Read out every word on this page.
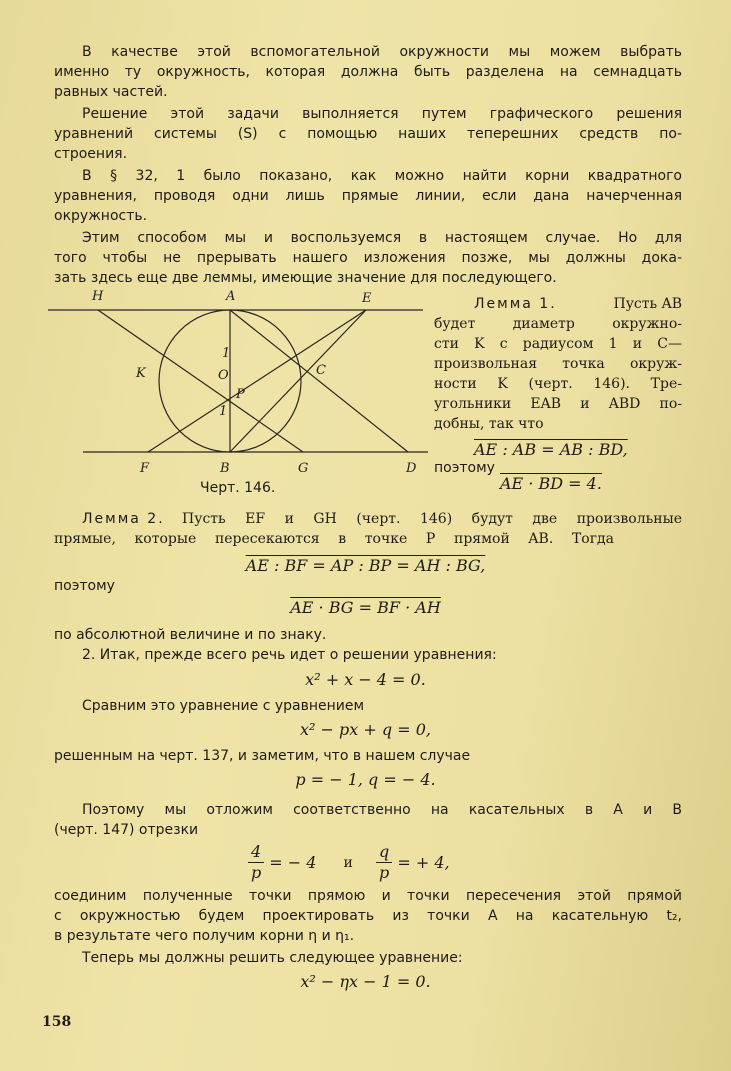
В качестве этой вспомогательной окружности мы можем выбрать

именно ту окружность, которая должна быть разделена на семнадцать

равных частей.

Решение этой задачи выполняется путем графического решения

уравнений системы (S) с помощью наших теперешних средств по-

строения.

В § 32, 1 было показано, как можно найти корни квадратного

уравнения, проводя одни лишь прямые линии, если дана начерченная

окружность.

Этим способом мы и воспользуемся в настоящем случае. Но для

того чтобы не прерывать нашего изложения позже, мы должны дока-

зать здесь еще две леммы, имеющие значение для последующего.

H	A	E
K	O
1
1
P
C
F	B	G	D

Черт. 146.

Лемма 1.	Пусть AB

будет диаметр окружно-

сти K с радиусом 1 и C—

произвольная точка окруж-

ности K (черт. 146). Тре-

угольники EAB и ABD по-

добны, так что

AE : AB = AB : BD,

поэтому

AE · BD = 4.

Лемма 2. Пусть EF и GH (черт. 146) будут две произвольные

прямые, которые пересекаются в точке P прямой AB. Тогда

AE : BF = AP : BP = AH : BG,

поэтому

AE · BG = BF · AH

по абсолютной величине и по знаку.

2. Итак, прежде всего речь идет о решении уравнения:

x² + x − 4 = 0.

Сравним это уравнение с уравнением

x² − px + q = 0,

решенным на черт. 137, и заметим, что в нашем случае

p = − 1, q = − 4.

Поэтому мы отложим соответственно на касательных в A и B

(черт. 147) отрезки

$\frac{4}{p}$ = − 4 и $\frac{q}{p}$ = + 4,

соединим полученные точки прямою и точки пересечения этой прямой

с окружностью будем проектировать из точки A на касательную t₂,

в результате чего получим корни η и η₁.

Теперь мы должны решить следующее уравнение:

x² − ηx − 1 = 0.

158
